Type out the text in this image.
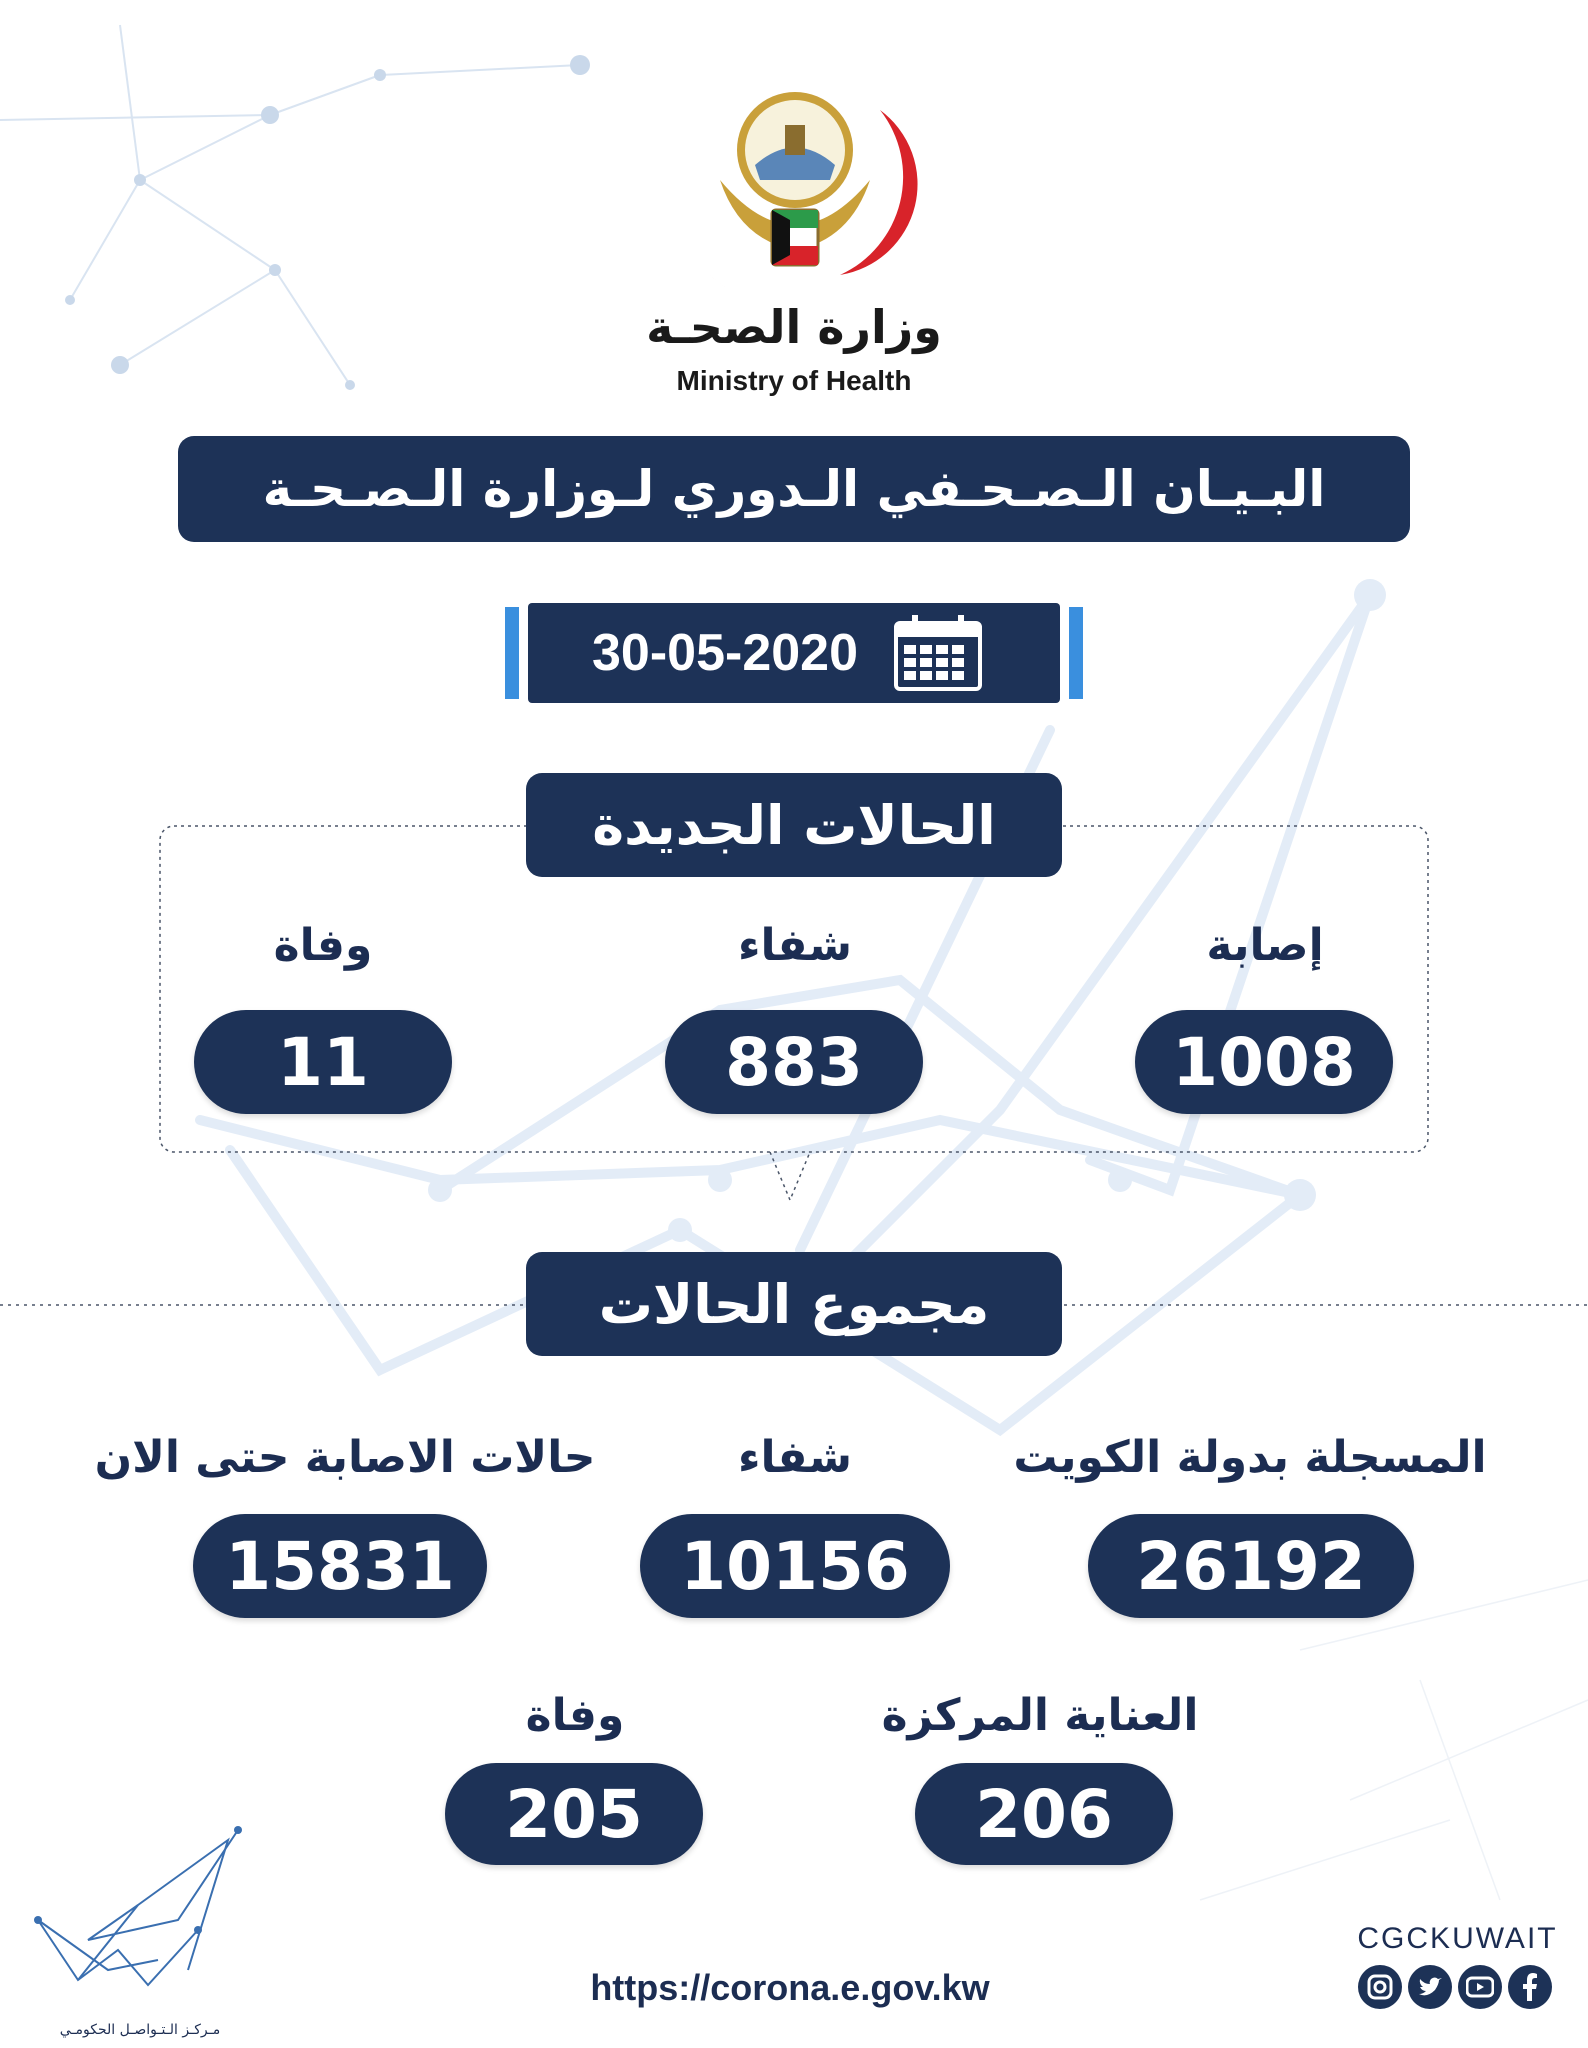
وزارة الصحـة
Ministry of Health
البـيـان الـصـحـفي الـدوري لـوزارة الـصـحـة
30-05-2020
الحالات الجديدة
إصابة
شفاء
وفاة
1008
883
11
مجموع الحالات
المسجلة بدولة الكويت
شفاء
حالات الاصابة حتى الان
26192
10156
15831
العناية المركزة
وفاة
206
205
مـركـز الـتـواصـل الحكومـي
https://corona.e.gov.kw
CGCKUWAIT
